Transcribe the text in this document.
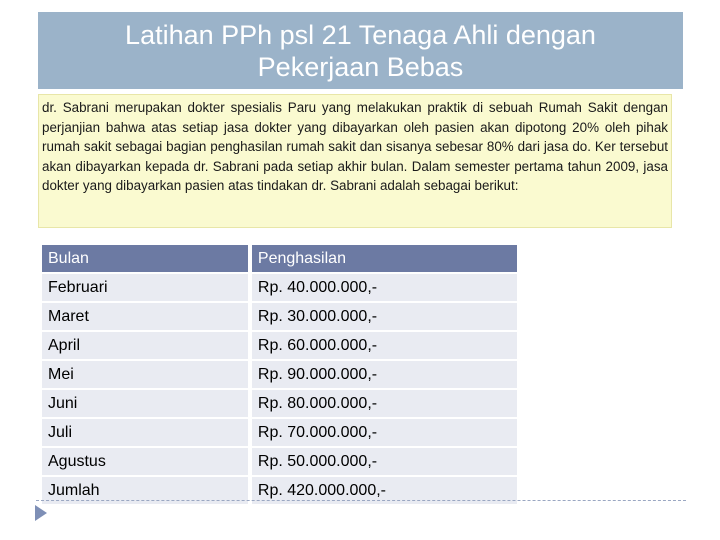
Latihan PPh psl 21 Tenaga Ahli dengan
Pekerjaan Bebas
dr. Sabrani merupakan dokter spesialis Paru yang melakukan praktik di sebuah Rumah Sakit dengan perjanjian bahwa atas setiap jasa dokter yang dibayarkan oleh pasien akan dipotong 20% oleh pihak rumah sakit sebagai bagian penghasilan rumah sakit dan sisanya sebesar 80% dari jasa do. Ker tersebut akan dibayarkan kepada dr. Sabrani pada setiap akhir bulan. Dalam semester pertama tahun 2009, jasa dokter yang dibayarkan pasien atas tindakan dr. Sabrani adalah sebagai berikut:
Bulan	Penghasilan
Februari	Rp. 40.000.000,-
Maret	Rp. 30.000.000,-
April	Rp. 60.000.000,-
Mei	Rp. 90.000.000,-
Juni	Rp. 80.000.000,-
Juli	Rp. 70.000.000,-
Agustus	Rp. 50.000.000,-
Jumlah	Rp. 420.000.000,-
